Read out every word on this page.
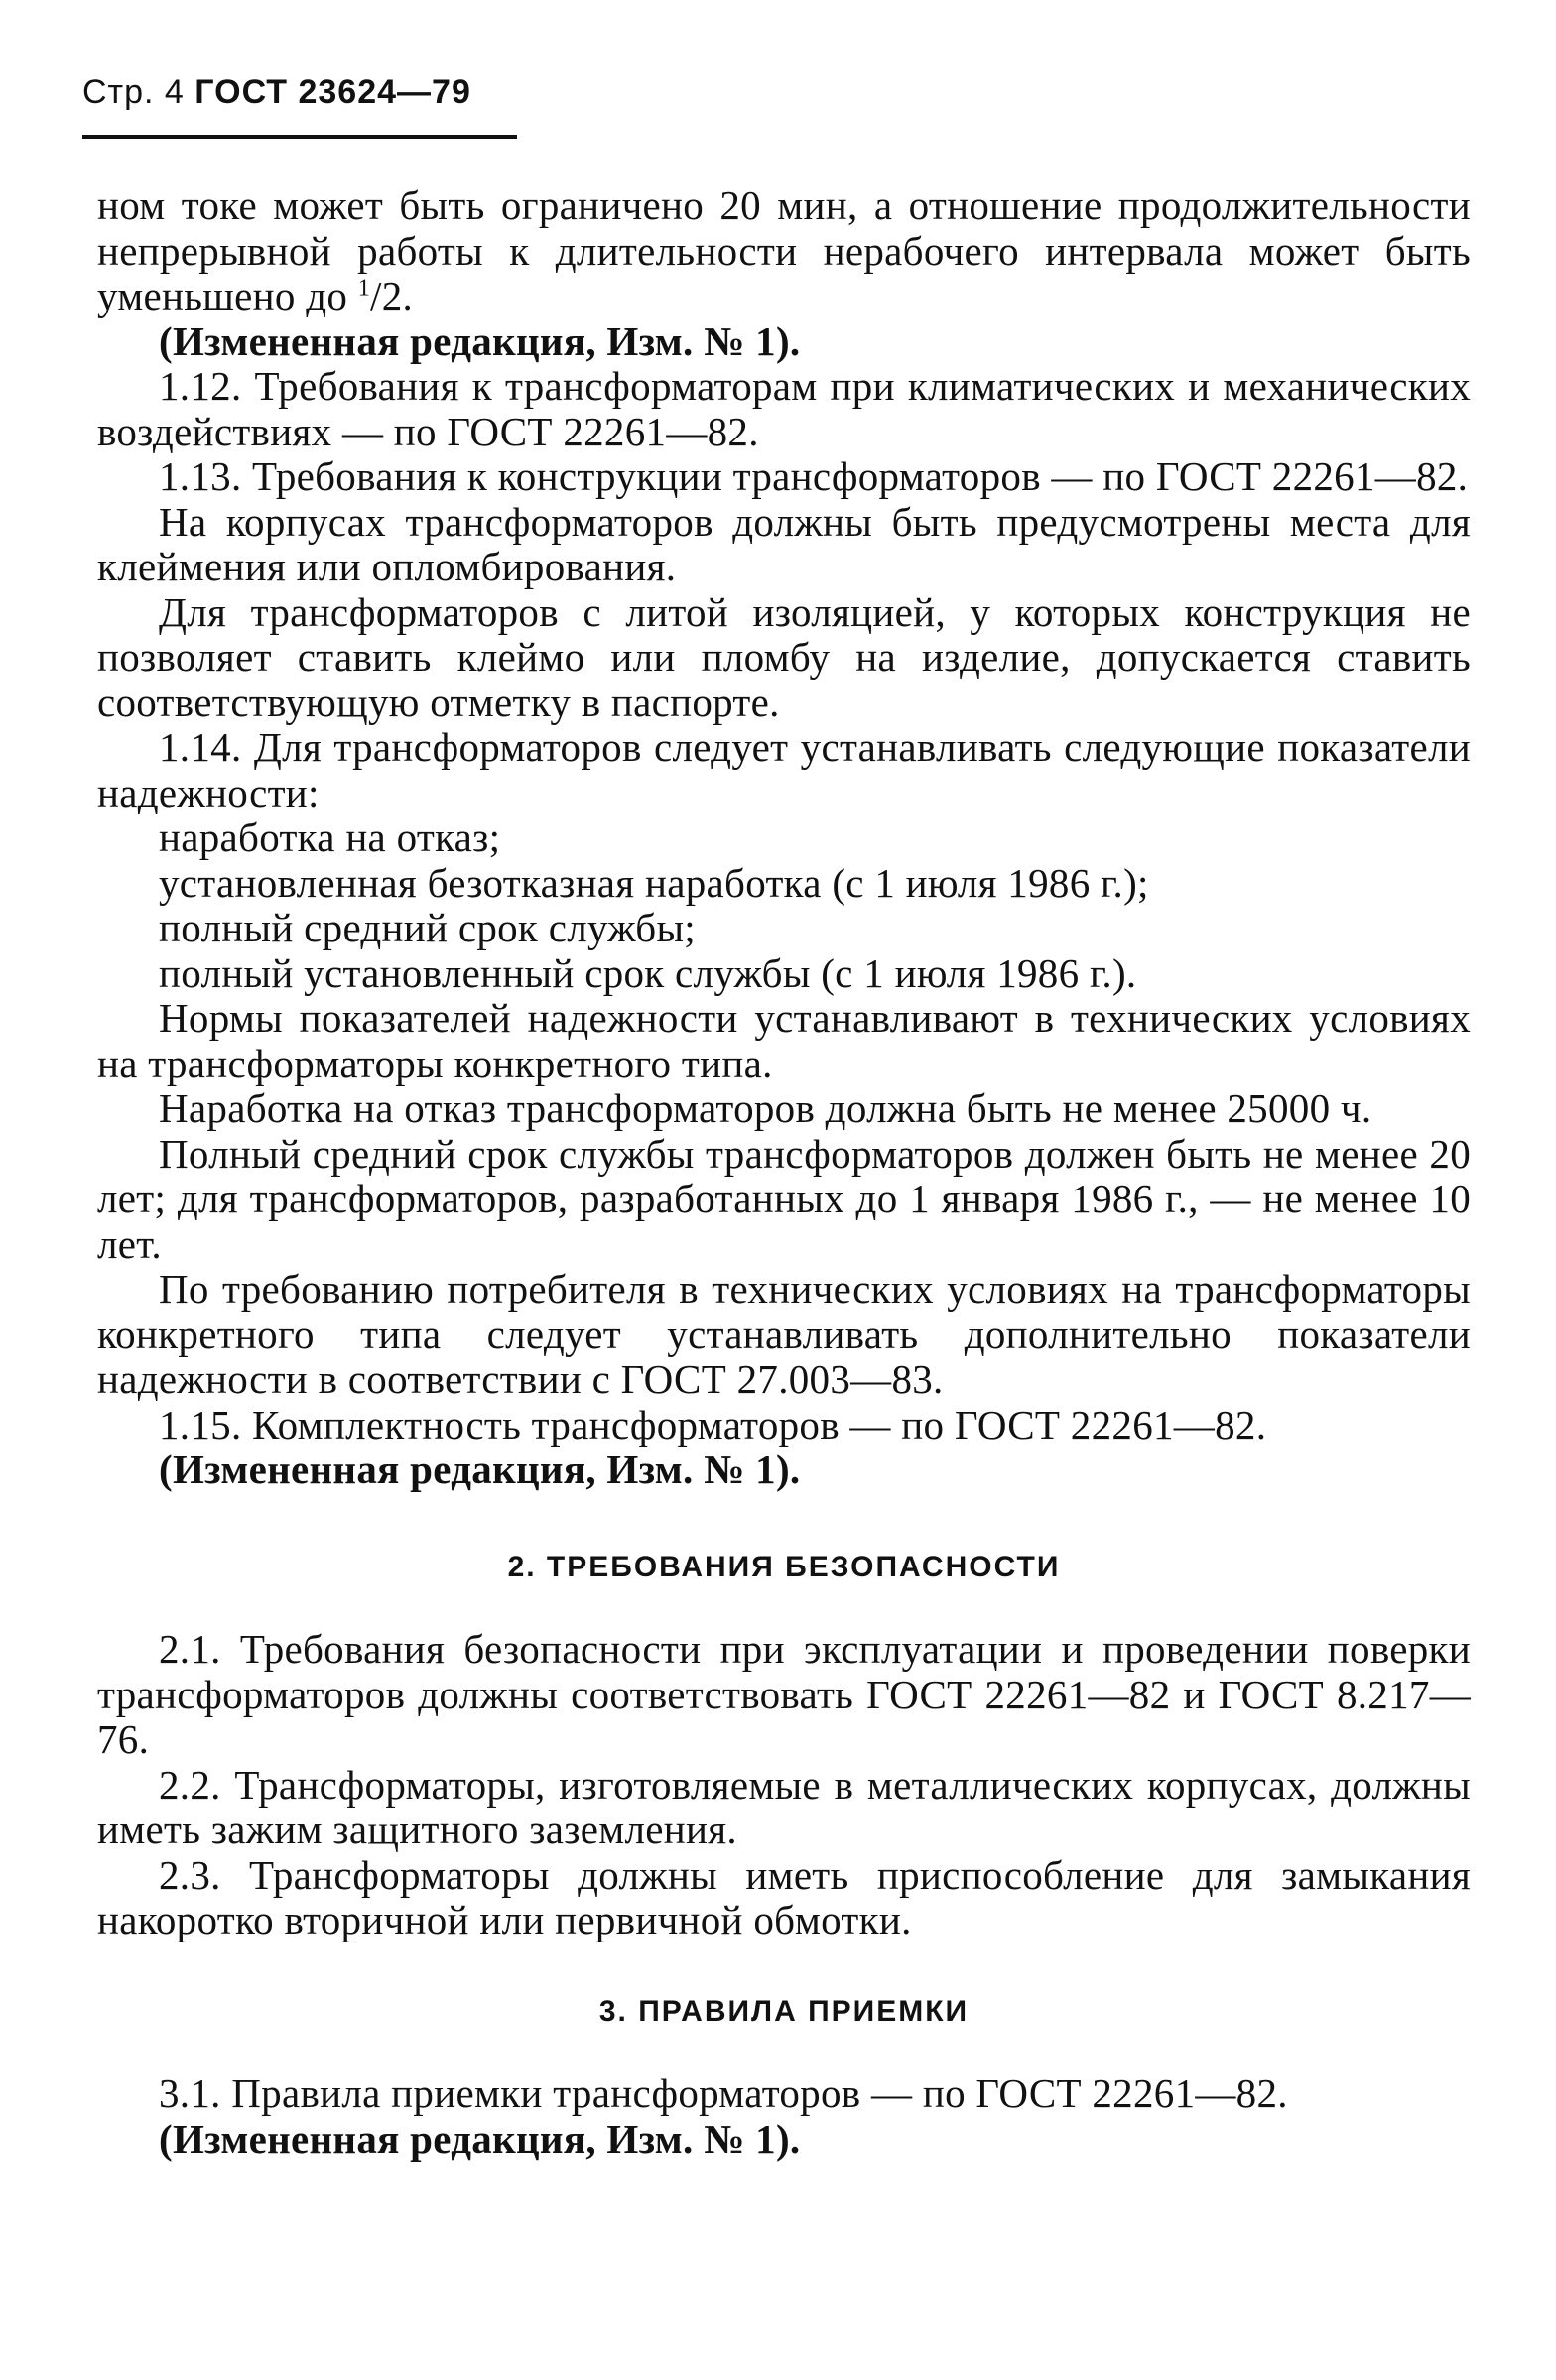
Стр. 4 ГОСТ 23624—79

ном токе может быть ограничено 20 мин, а отношение продолжительности непрерывной работы к длительности нерабочего интервала может быть уменьшено до $^1$/2.

(Измененная редакция, Изм. № 1).

1.12. Требования к трансформаторам при климатических и механических воздействиях — по ГОСТ 22261—82.

1.13. Требования к конструкции трансформаторов — по ГОСТ 22261—82.

На корпусах трансформаторов должны быть предусмотрены места для клеймения или опломбирования.

Для трансформаторов с литой изоляцией, у которых конструкция не позволяет ставить клеймо или пломбу на изделие, допускается ставить соответствующую отметку в паспорте.

1.14. Для трансформаторов следует устанавливать следующие показатели надежности:

наработка на отказ;

установленная безотказная наработка (с 1 июля 1986 г.);

полный средний срок службы;

полный установленный срок службы (с 1 июля 1986 г.).

Нормы показателей надежности устанавливают в технических условиях на трансформаторы конкретного типа.

Наработка на отказ трансформаторов должна быть не менее 25000 ч.

Полный средний срок службы трансформаторов должен быть не менее 20 лет; для трансформаторов, разработанных до 1 января 1986 г., — не менее 10 лет.

По требованию потребителя в технических условиях на трансформаторы конкретного типа следует устанавливать дополнительно показатели надежности в соответствии с ГОСТ 27.003—83.

1.15. Комплектность трансформаторов — по ГОСТ 22261—82.

(Измененная редакция, Изм. № 1).

2. ТРЕБОВАНИЯ БЕЗОПАСНОСТИ

2.1. Требования безопасности при эксплуатации и проведении поверки трансформаторов должны соответствовать ГОСТ 22261—82 и ГОСТ 8.217—76.

2.2. Трансформаторы, изготовляемые в металлических корпусах, должны иметь зажим защитного заземления.

2.3. Трансформаторы должны иметь приспособление для замыкания накоротко вторичной или первичной обмотки.

3. ПРАВИЛА ПРИЕМКИ

3.1. Правила приемки трансформаторов — по ГОСТ 22261—82.

(Измененная редакция, Изм. № 1).
